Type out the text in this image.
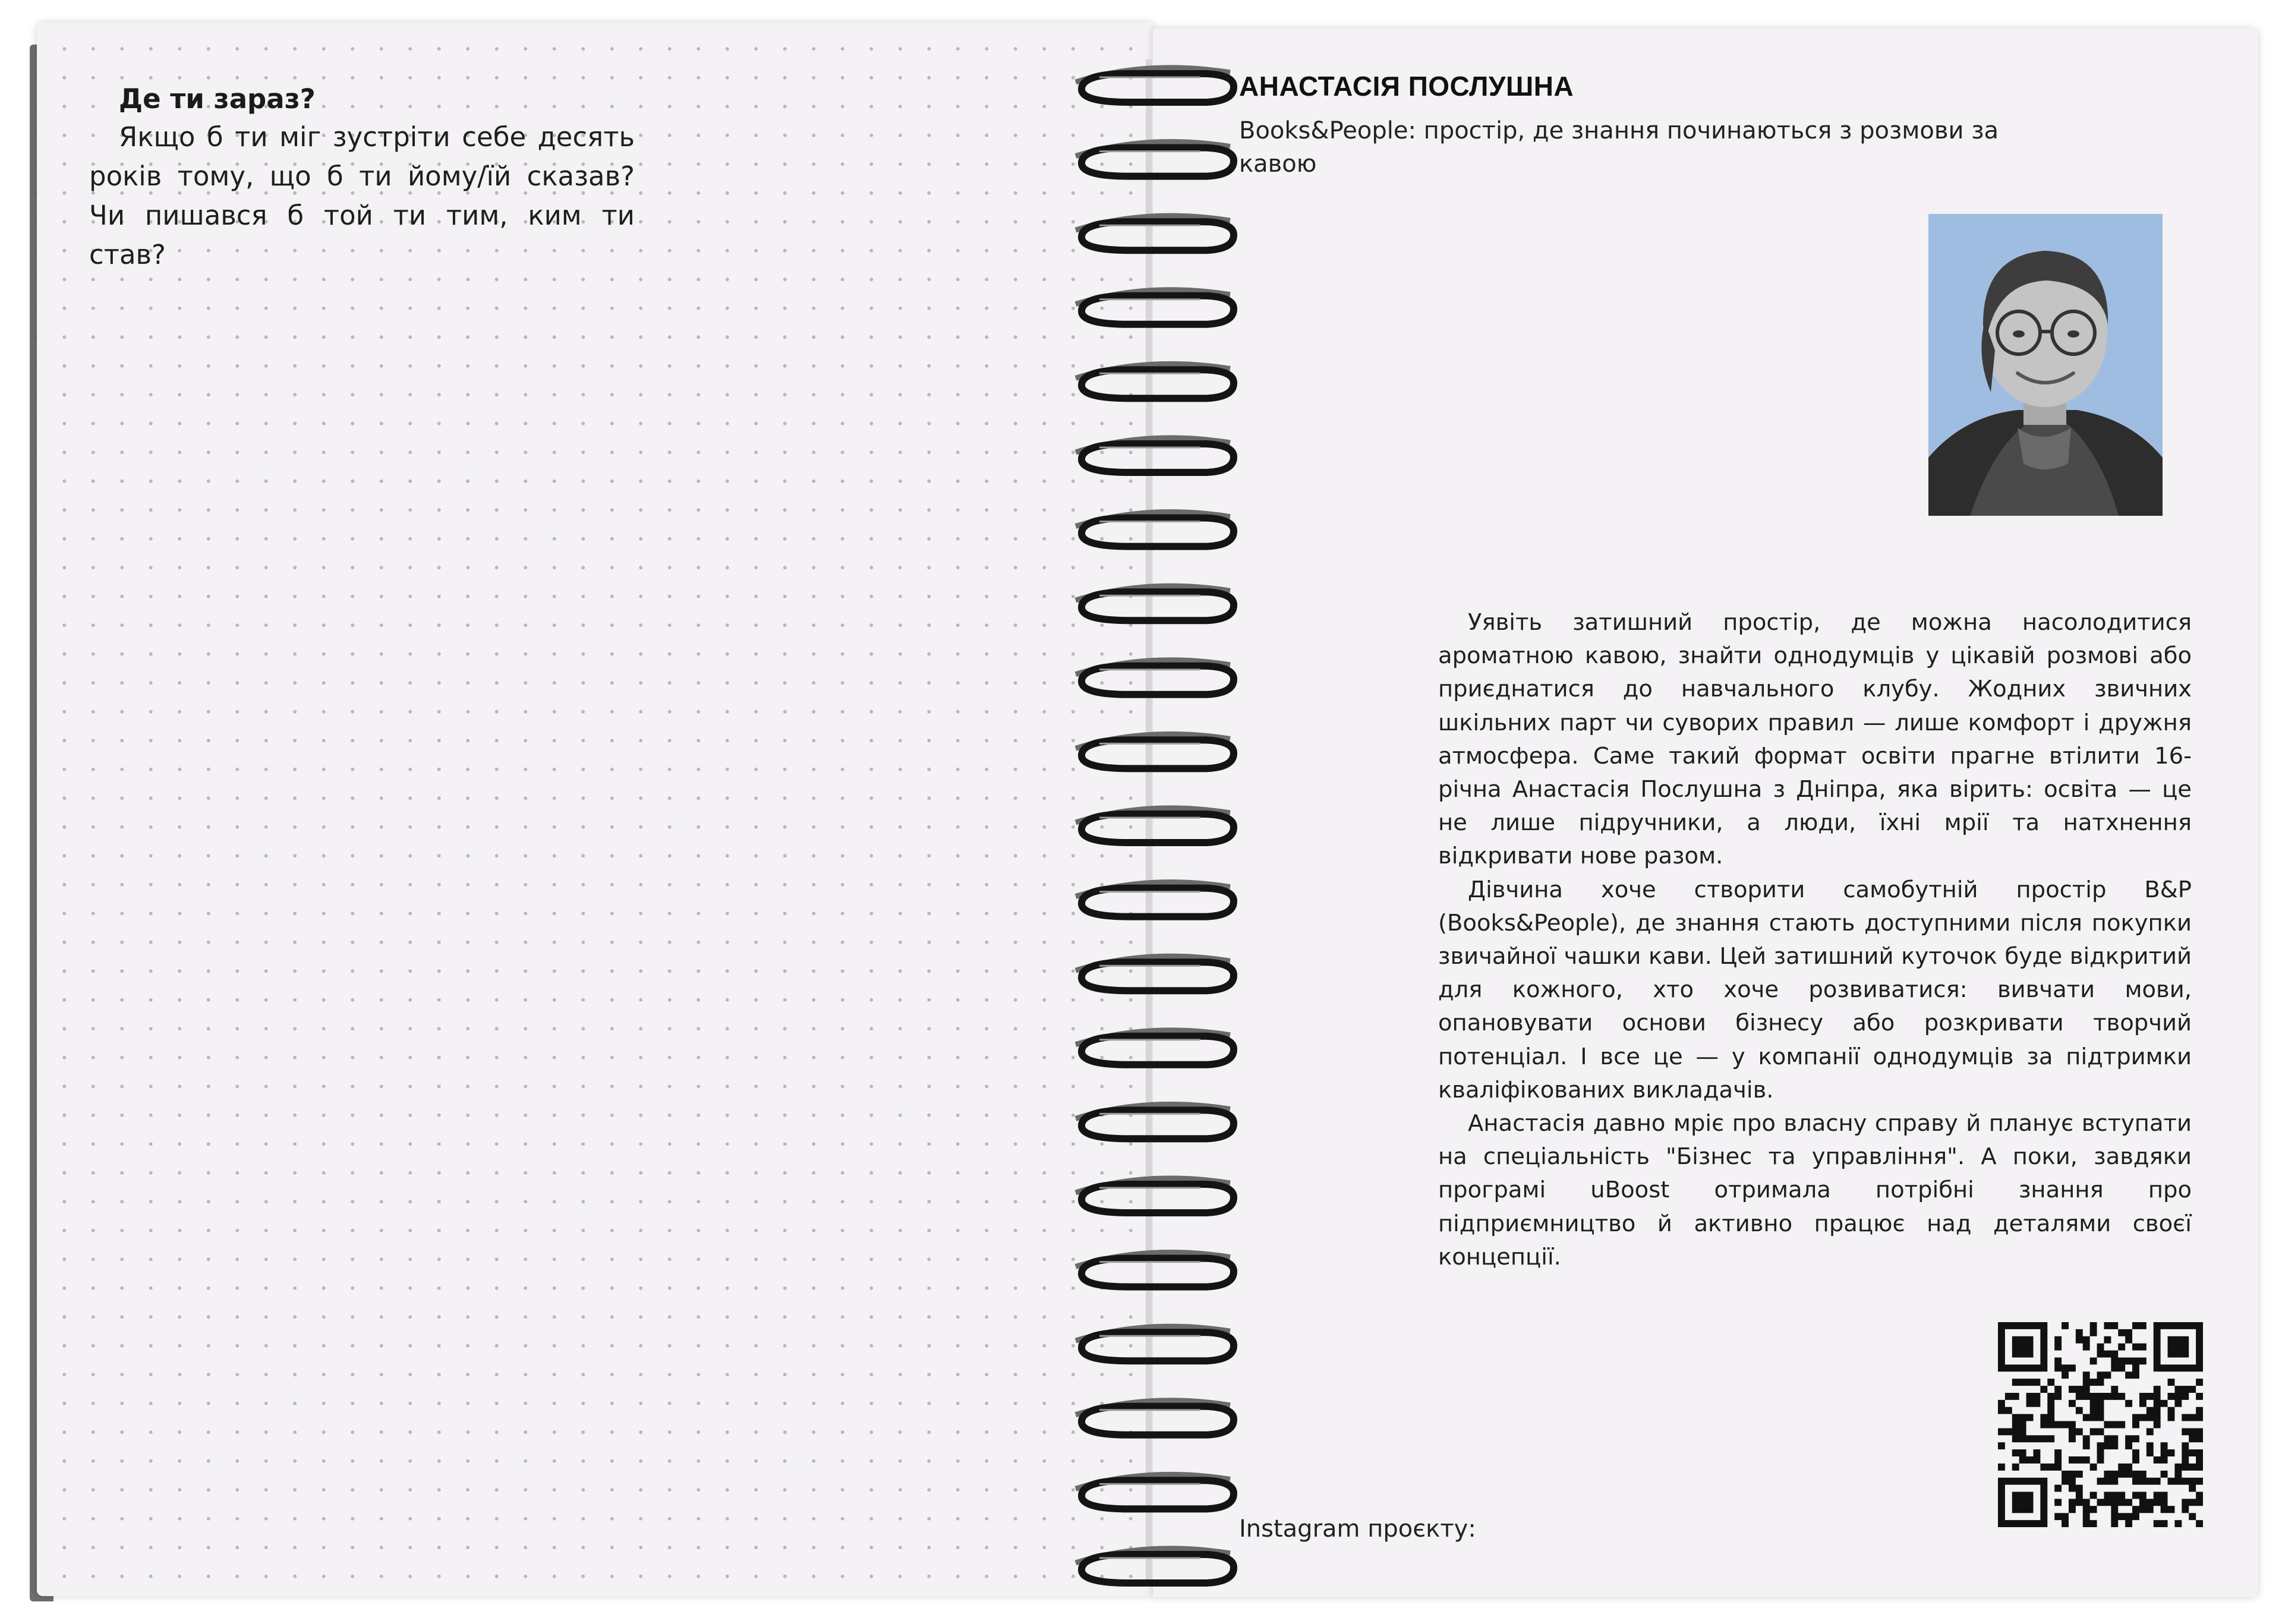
Де ти зараз?

Якщо б ти міг зустріти себе десять років тому, що б ти йому/їй сказав? Чи пишався б той ти тим, ким ти став?

АНАСТАСІЯ ПОСЛУШНА

Books&People: простір, де знання починаються з розмови за кавою

Уявіть затишний простір, де можна насолодитися ароматною кавою, знайти однодумців у цікавій розмові або приєднатися до навчального клубу. Жодних звичних шкільних парт чи суворих правил — лише комфорт і дружня атмосфера. Саме такий формат освіти прагне втілити 16-річна Анастасія Послушна з Дніпра, яка вірить: освіта — це не лише підручники, а люди, їхні мрії та натхнення відкривати нове разом.

Дівчина хоче створити самобутній простір B&P (Books&People), де знання стають доступними після покупки звичайної чашки кави. Цей затишний куточок буде відкритий для кожного, хто хоче розвиватися: вивчати мови, опановувати основи бізнесу або розкривати творчий потенціал. І все це — у компанії однодумців за підтримки кваліфікованих викладачів.

Анастасія давно мріє про власну справу й планує вступати на спеціальність "Бізнес та управління". А поки, завдяки програмі uBoost отримала потрібні знання про підприємництво й активно працює над деталями своєї концепції.

Instagram проєкту:
